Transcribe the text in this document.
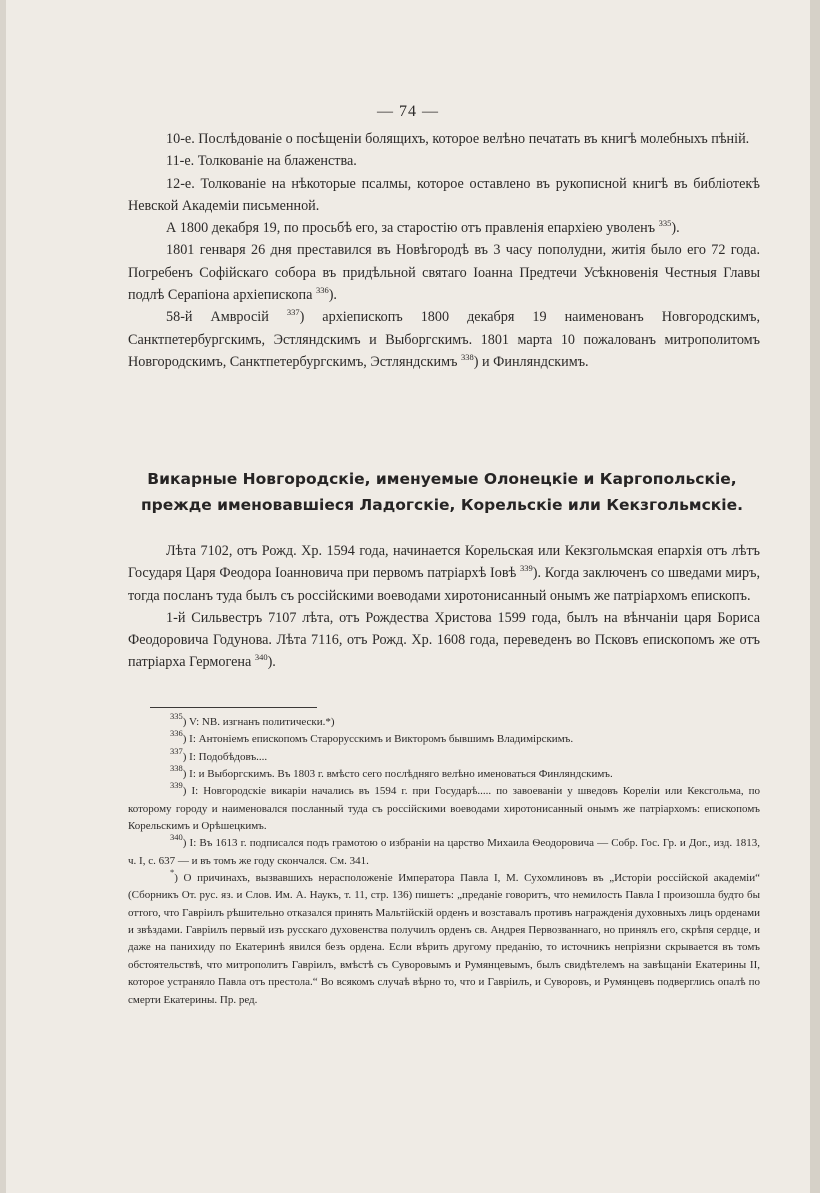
— 74 —

10-е. Послѣдованіе о посѣщеніи болящихъ, которое велѣно печатать въ книгѣ молебныхъ пѣній.

11-е. Толкованіе на блаженства.

12-е. Толкованіе на нѣкоторые псалмы, которое оставлено въ рукописной книгѣ въ библіотекѣ Невской Академіи письменной.

А 1800 декабря 19, по просьбѣ его, за старостію отъ правленія епархіею уволенъ $^{335}$).

1801 генваря 26 дня преставился въ Новѣгородѣ въ 3 часу пополудни, житія было его 72 года. Погребенъ Софійскаго собора въ придѣльной святаго Іоанна Предтечи Усѣкновенія Честныя Главы подлѣ Серапіона архіепископа $^{336}$).

58-й Амвросій $^{337}$) архіепископъ 1800 декабря 19 наименованъ Новгородскимъ, Санктпетербургскимъ, Эстляндскимъ и Выборгскимъ. 1801 марта 10 пожалованъ митрополитомъ Новгородскимъ, Санктпетербургскимъ, Эстляндскимъ $^{338}$) и Финляндскимъ.

Викарные Новгородскіе, именуемые Олонецкіе и Каргопольскіе,
прежде именовавшіеся Ладогскіе, Корельскіе или Кекзгольмскіе.

Лѣта 7102, отъ Рожд. Хр. 1594 года, начинается Корельская или Кекзгольмская епархія отъ лѣтъ Государя Царя Феодора Іоанновича при первомъ патріархѣ Іовѣ $^{339}$). Когда заключенъ со шведами миръ, тогда посланъ туда былъ съ россійскими воеводами хиротонисанный онымъ же патріархомъ епископъ.

1-й Сильвестръ 7107 лѣта, отъ Рождества Христова 1599 года, былъ на вѣнчаніи царя Бориса Феодоровича Годунова. Лѣта 7116, отъ Рожд. Хр. 1608 года, переведенъ во Псковъ епископомъ же отъ патріарха Гермогена $^{340}$).

$^{335}$) V: NB. изгнанъ политически.*)

$^{336}$) I: Антоніемъ епископомъ Старорусскимъ и Викторомъ бывшимъ Владимірскимъ.

$^{337}$) I: Подобѣдовъ....

$^{338}$) I: и Выборгскимъ. Въ 1803 г. вмѣсто сего послѣдняго велѣно именоваться Финляндскимъ.

$^{339}$) I: Новгородскіе викаріи начались въ 1594 г. при Государѣ..... по завоеваніи у шведовъ Кореліи или Кексгольма, по которому городу и наименовался посланный туда съ россійскими воеводами хиротонисанный онымъ же патріархомъ: епископомъ Корельскимъ и Орѣшецкимъ.

$^{340}$) I: Въ 1613 г. подписался подъ грамотою о избраніи на царство Михаила Ѳеодоровича — Собр. Гос. Гр. и Дог., изд. 1813, ч. I, с. 637 — и въ томъ же году скончался. См. 341.

*) О причинахъ, вызвавшихъ нерасположеніе Императора Павла I, М. Сухомлиновъ въ „Исторіи россійской академіи“ (Сборникъ От. рус. яз. и Слов. Им. А. Наукъ, т. 11, стр. 136) пишетъ: „преданіе говоритъ, что немилость Павла I произошла будто бы оттого, что Гавріилъ рѣшительно отказался принять Мальтійскій орденъ и возставалъ противъ награжденія духовныхъ лицъ орденами и звѣздами. Гавріилъ первый изъ русскаго духовенства получилъ орденъ св. Андрея Первозваннаго, но принялъ его, скрѣпя сердце, и даже на панихиду по Екатеринѣ явился безъ ордена. Если вѣрить другому преданію, то источникъ непріязни скрывается въ томъ обстоятельствѣ, что митрополитъ Гавріилъ, вмѣстѣ съ Суворовымъ и Румянцевымъ, былъ свидѣтелемъ на завѣщаніи Екатерины II, которое устраняло Павла отъ престола.“ Во всякомъ случаѣ вѣрно то, что и Гавріилъ, и Суворовъ, и Румянцевъ подверглись опалѣ по смерти Екатерины. Пр. ред.
